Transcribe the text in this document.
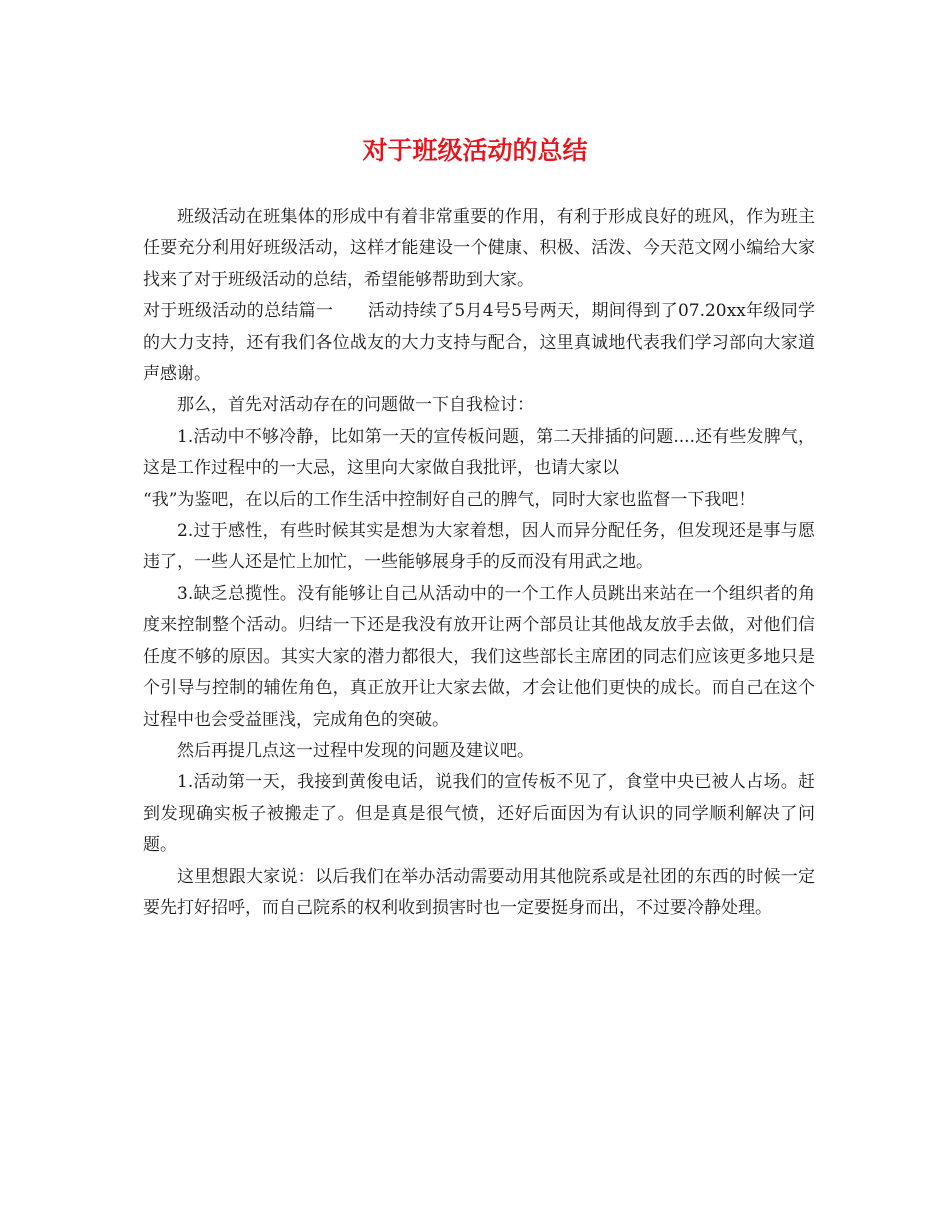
对于班级活动的总结

班级活动在班集体的形成中有着非常重要的作用，有利于形成良好的班风，作为班主任要充分利用好班级活动，这样才能建设一个健康、积极、活泼、今天范文网小编给大家找来了对于班级活动的总结，希望能够帮助到大家。

对于班级活动的总结篇一　　活动持续了5月4号5号两天，期间得到了07.20xx年级同学的大力支持，还有我们各位战友的大力支持与配合，这里真诚地代表我们学习部向大家道声感谢。

那么，首先对活动存在的问题做一下自我检讨：

1.活动中不够冷静，比如第一天的宣传板问题，第二天排插的问题....还有些发脾气，这是工作过程中的一大忌，这里向大家做自我批评，也请大家以

“我”为鉴吧，在以后的工作生活中控制好自己的脾气，同时大家也监督一下我吧！

2.过于感性，有些时候其实是想为大家着想，因人而异分配任务，但发现还是事与愿违了，一些人还是忙上加忙，一些能够展身手的反而没有用武之地。

3.缺乏总揽性。没有能够让自己从活动中的一个工作人员跳出来站在一个组织者的角度来控制整个活动。归结一下还是我没有放开让两个部员让其他战友放手去做，对他们信任度不够的原因。其实大家的潜力都很大，我们这些部长主席团的同志们应该更多地只是个引导与控制的辅佐角色，真正放开让大家去做，才会让他们更快的成长。而自己在这个过程中也会受益匪浅，完成角色的突破。

然后再提几点这一过程中发现的问题及建议吧。

1.活动第一天，我接到黄俊电话，说我们的宣传板不见了，食堂中央已被人占场。赶到发现确实板子被搬走了。但是真是很气愤，还好后面因为有认识的同学顺利解决了问题。

这里想跟大家说：以后我们在举办活动需要动用其他院系或是社团的东西的时候一定要先打好招呼，而自己院系的权利收到损害时也一定要挺身而出，不过要冷静处理。
